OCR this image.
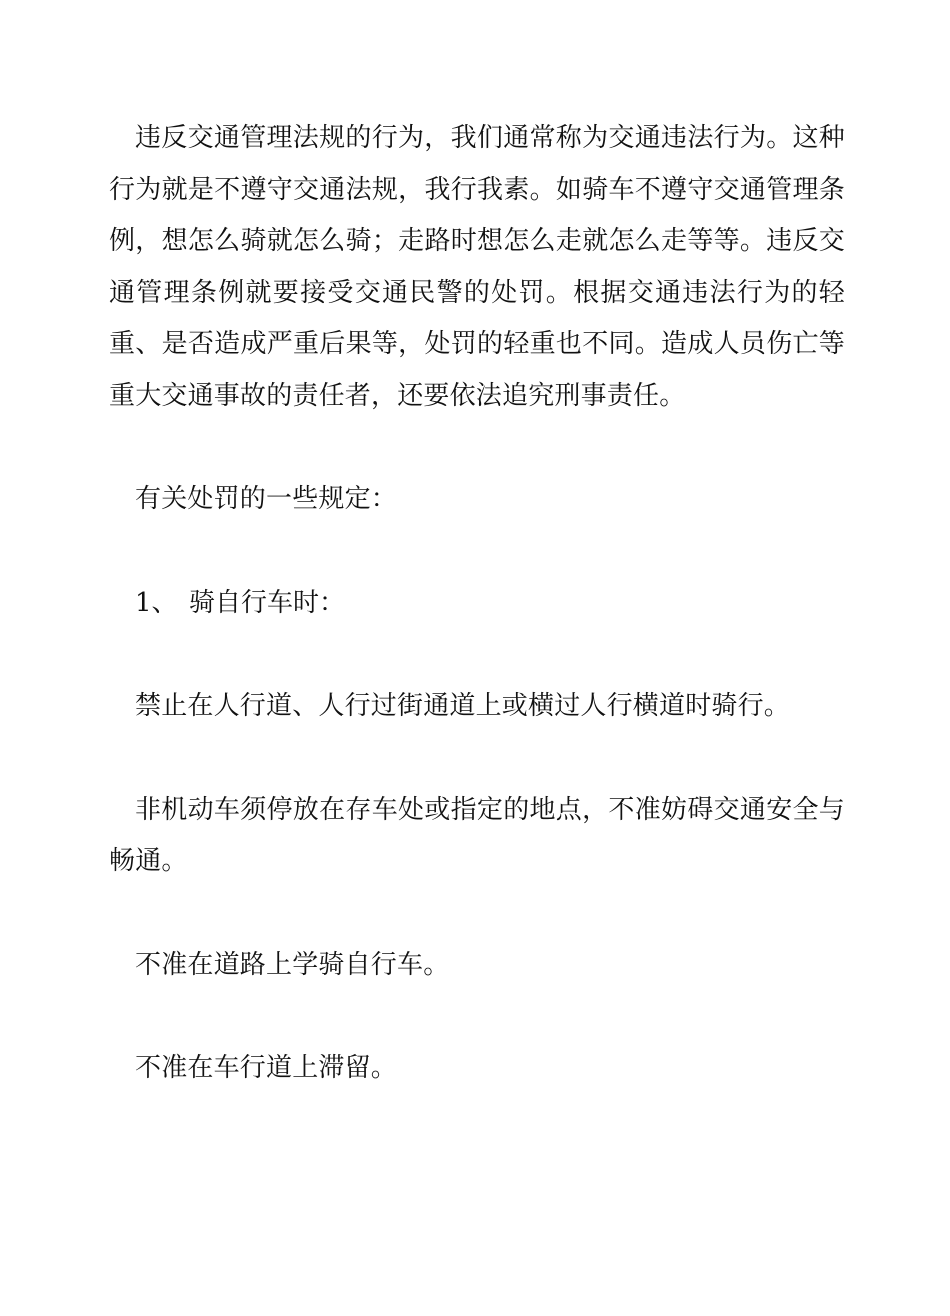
违反交通管理法规的行为，我们通常称为交通违法行为。这种行为就是不遵守交通法规，我行我素。如骑车不遵守交通管理条例，想怎么骑就怎么骑；走路时想怎么走就怎么走等等。违反交通管理条例就要接受交通民警的处罚。根据交通违法行为的轻重、是否造成严重后果等，处罚的轻重也不同。造成人员伤亡等重大交通事故的责任者，还要依法追究刑事责任。

有关处罚的一些规定：

1、 骑自行车时：

禁止在人行道、人行过街通道上或横过人行横道时骑行。

非机动车须停放在存车处或指定的地点，不准妨碍交通安全与畅通。

不准在道路上学骑自行车。

不准在车行道上滞留。
